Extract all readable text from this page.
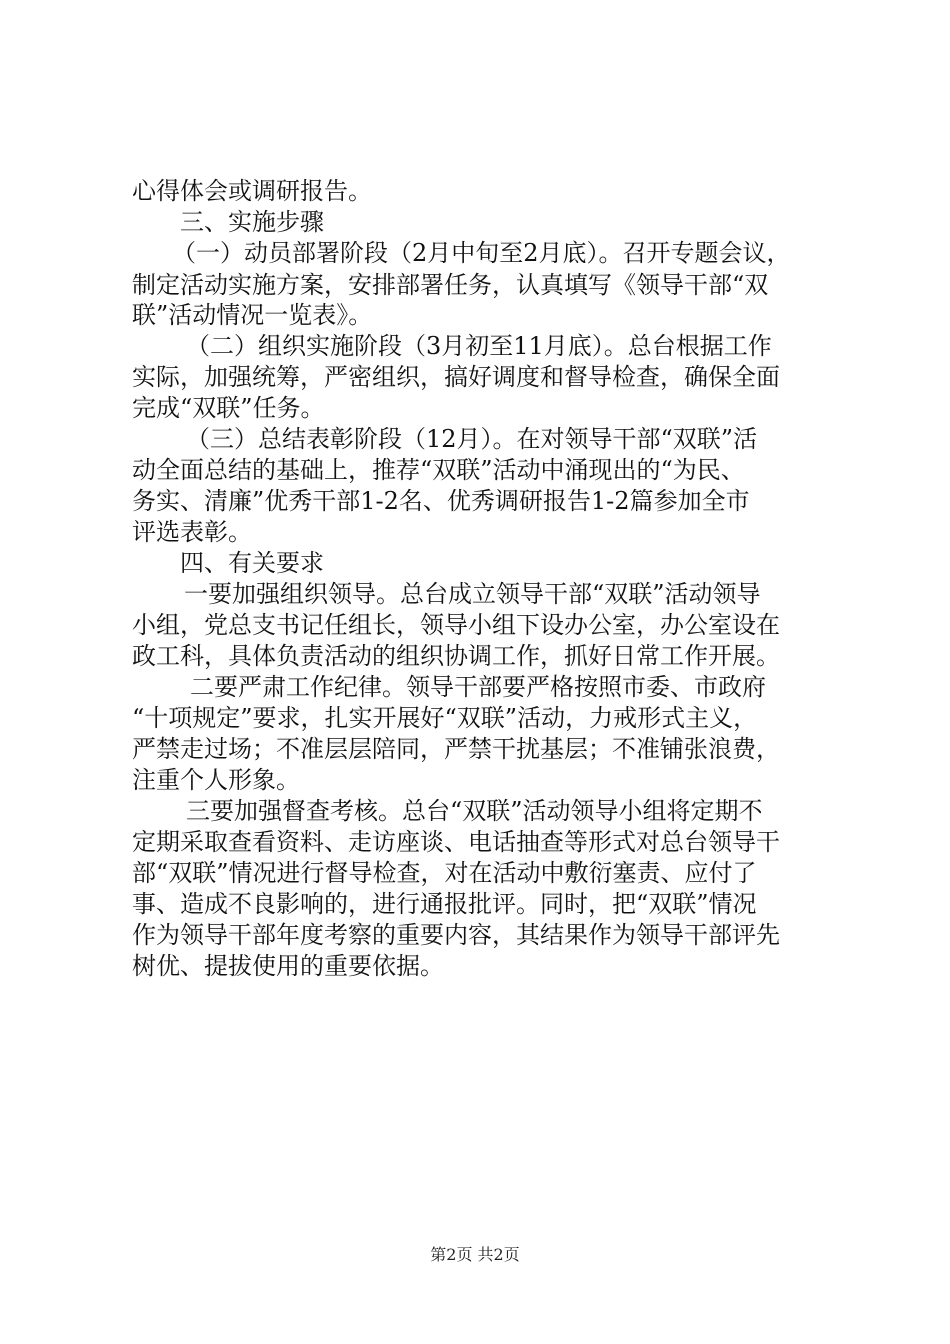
心得体会或调研报告。
三、实施步骤
（一）动员部署阶段（2月中旬至2月底）。召开专题会议，
制定活动实施方案，安排部署任务，认真填写《领导干部“双
联”活动情况一览表》。
（二）组织实施阶段（3月初至11月底）。总台根据工作
实际，加强统筹，严密组织，搞好调度和督导检查，确保全面
完成“双联”任务。
（三）总结表彰阶段（12月）。在对领导干部“双联”活
动全面总结的基础上，推荐“双联”活动中涌现出的“为民、
务实、清廉”优秀干部1-2名、优秀调研报告1-2篇参加全市
评选表彰。
四、有关要求
一要加强组织领导。总台成立领导干部“双联”活动领导
小组，党总支书记任组长，领导小组下设办公室，办公室设在
政工科，具体负责活动的组织协调工作，抓好日常工作开展。
二要严肃工作纪律。领导干部要严格按照市委、市政府
“十项规定”要求，扎实开展好“双联”活动，力戒形式主义，
严禁走过场；不准层层陪同，严禁干扰基层；不准铺张浪费，
注重个人形象。
三要加强督查考核。总台“双联”活动领导小组将定期不
定期采取查看资料、走访座谈、电话抽查等形式对总台领导干
部“双联”情况进行督导检查，对在活动中敷衍塞责、应付了
事、造成不良影响的，进行通报批评。同时，把“双联”情况
作为领导干部年度考察的重要内容，其结果作为领导干部评先
树优、提拔使用的重要依据。
第2页 共2页
